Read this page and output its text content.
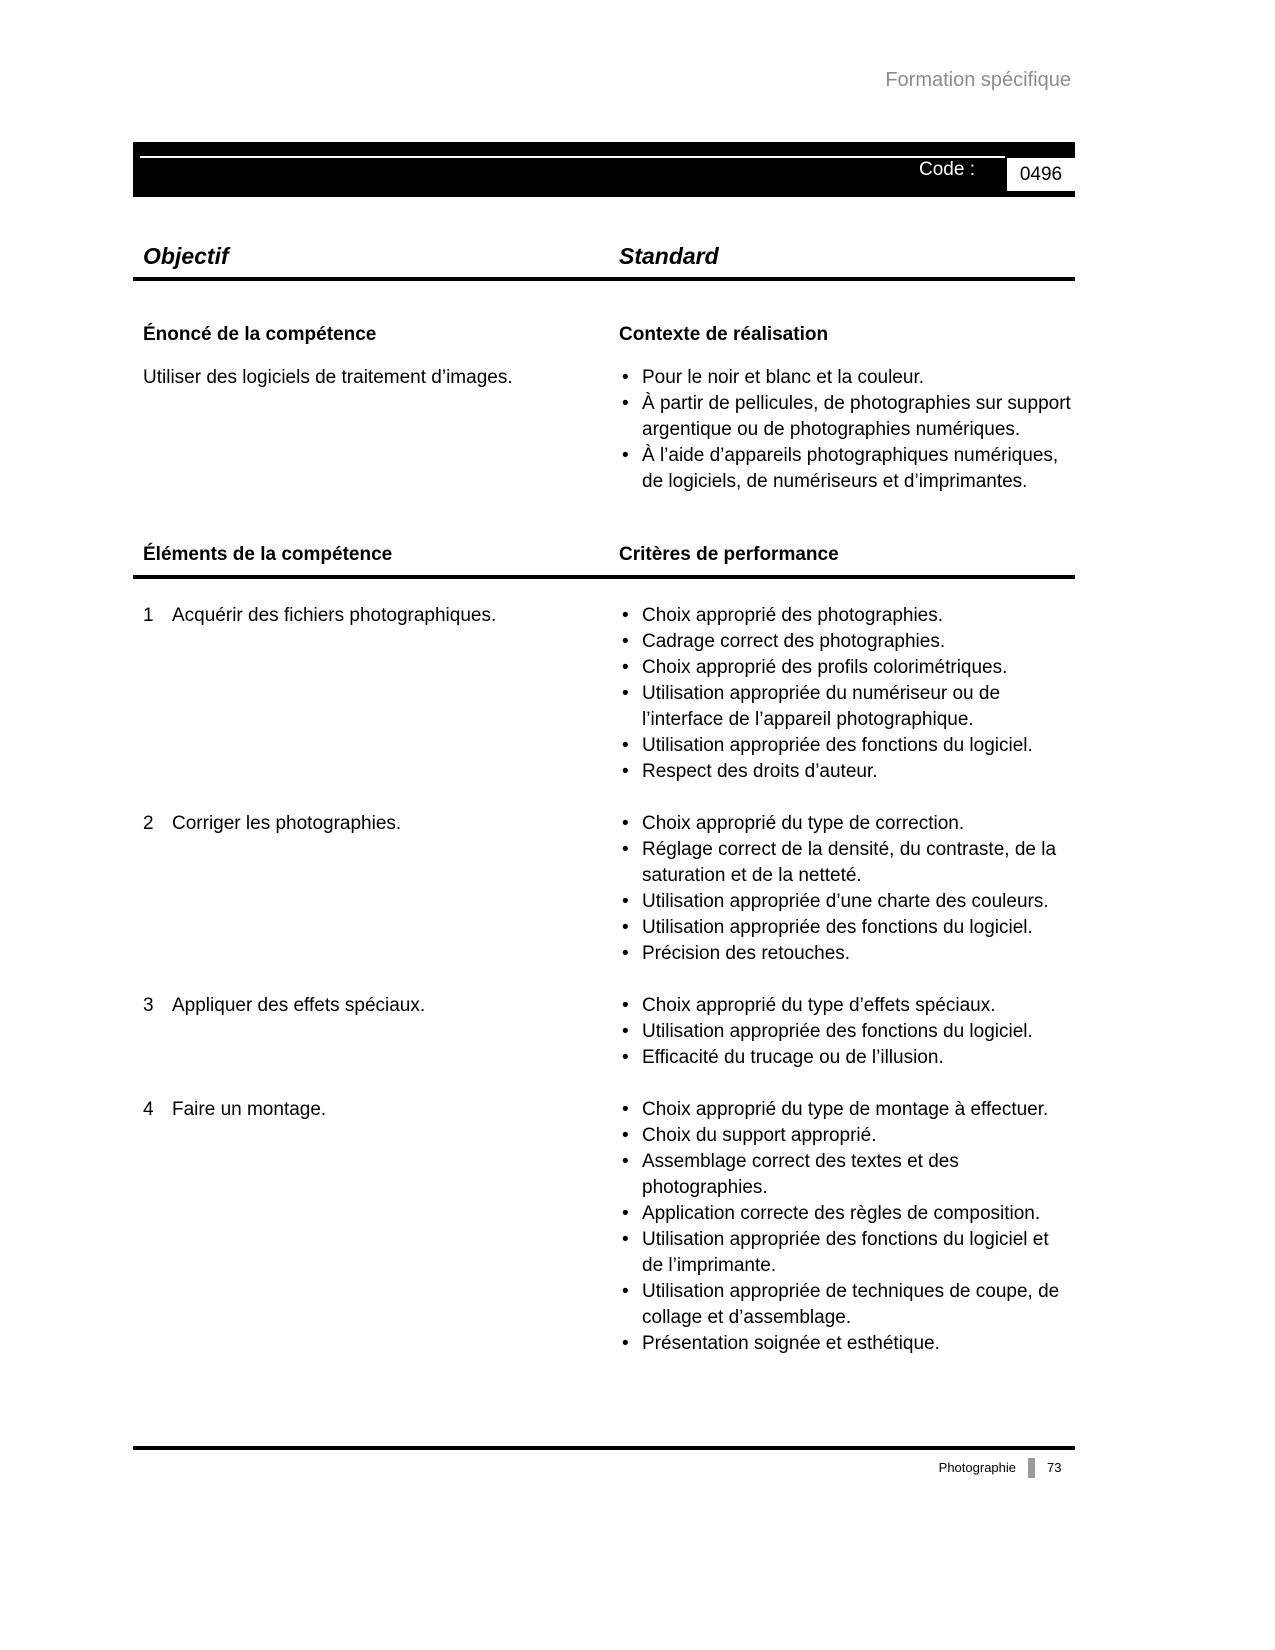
Formation spécifique
Code : 0496
Objectif	Standard
Énoncé de la compétence	Contexte de réalisation
Utiliser des logiciels de traitement d’images.	• Pour le noir et blanc et la couleur.
• À partir de pellicules, de photographies sur support argentique ou de photographies numériques.
• À l’aide d’appareils photographiques numériques, de logiciels, de numériseurs et d’imprimantes.
Éléments de la compétence	Critères de performance
1 Acquérir des fichiers photographiques.	• Choix approprié des photographies.
• Cadrage correct des photographies.
• Choix approprié des profils colorimétriques.
• Utilisation appropriée du numériseur ou de l’interface de l’appareil photographique.
• Utilisation appropriée des fonctions du logiciel.
• Respect des droits d’auteur.
2 Corriger les photographies.	• Choix approprié du type de correction.
• Réglage correct de la densité, du contraste, de la saturation et de la netteté.
• Utilisation appropriée d’une charte des couleurs.
• Utilisation appropriée des fonctions du logiciel.
• Précision des retouches.
3 Appliquer des effets spéciaux.	• Choix approprié du type d’effets spéciaux.
• Utilisation appropriée des fonctions du logiciel.
• Efficacité du trucage ou de l’illusion.
4 Faire un montage.	• Choix approprié du type de montage à effectuer.
• Choix du support approprié.
• Assemblage correct des textes et des photographies.
• Application correcte des règles de composition.
• Utilisation appropriée des fonctions du logiciel et de l’imprimante.
• Utilisation appropriée de techniques de coupe, de collage et d’assemblage.
• Présentation soignée et esthétique.
Photographie 73
